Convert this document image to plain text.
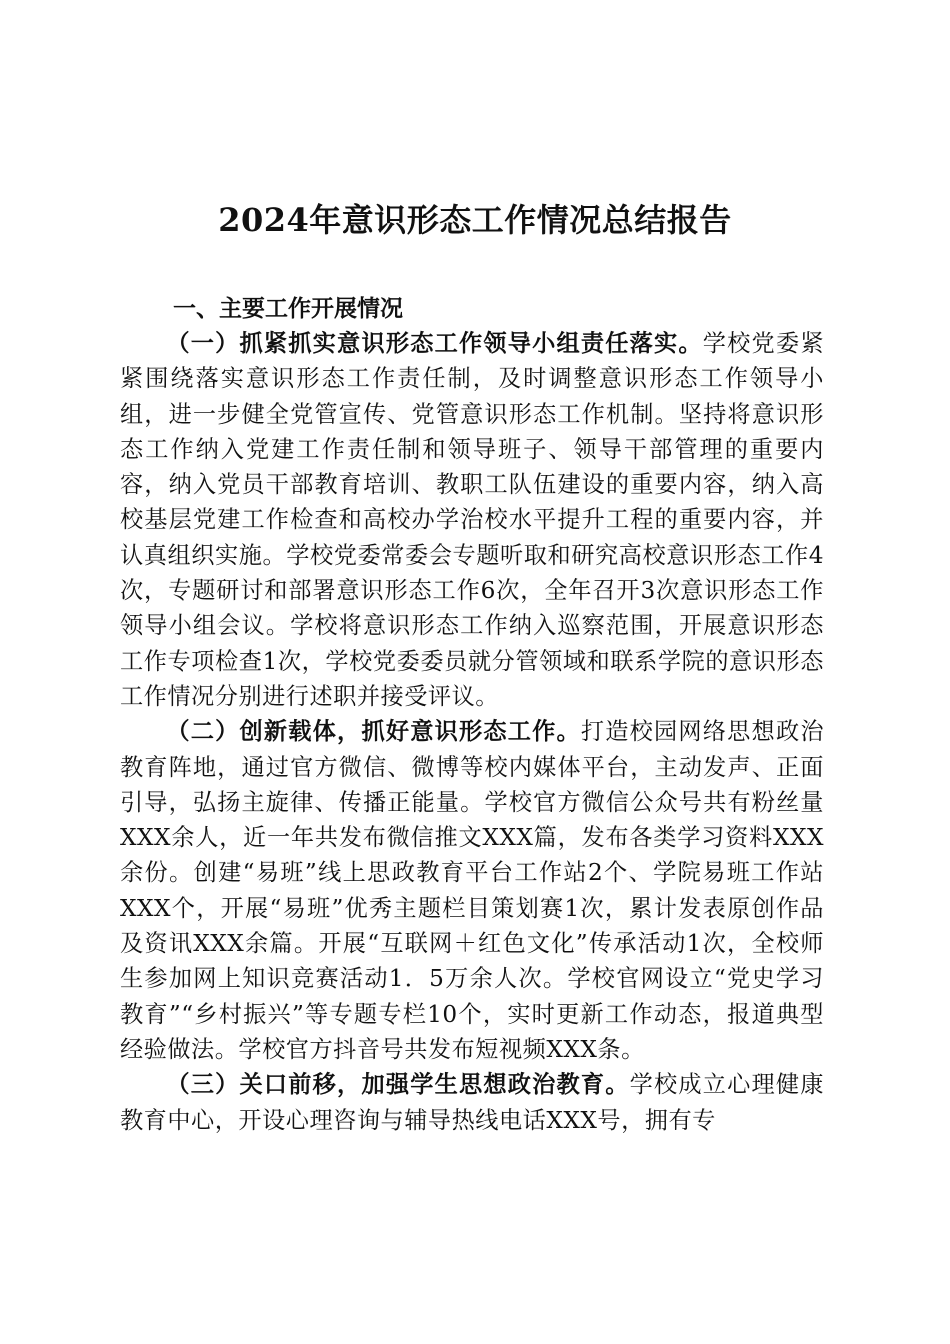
2024年意识形态工作情况总结报告
一、主要工作开展情况

（一）抓紧抓实意识形态工作领导小组责任落实。学校党委紧紧围绕落实意识形态工作责任制，及时调整意识形态工作领导小组，进一步健全党管宣传、党管意识形态工作机制。坚持将意识形态工作纳入党建工作责任制和领导班子、领导干部管理的重要内容，纳入党员干部教育培训、教职工队伍建设的重要内容，纳入高校基层党建工作检查和高校办学治校水平提升工程的重要内容，并认真组织实施。学校党委常委会专题听取和研究高校意识形态工作4次，专题研讨和部署意识形态工作6次，全年召开3次意识形态工作领导小组会议。学校将意识形态工作纳入巡察范围，开展意识形态工作专项检查1次，学校党委委员就分管领域和联系学院的意识形态工作情况分别进行述职并接受评议。

（二）创新载体，抓好意识形态工作。打造校园网络思想政治教育阵地，通过官方微信、微博等校内媒体平台，主动发声、正面引导，弘扬主旋律、传播正能量。学校官方微信公众号共有粉丝量XXX余人，近一年共发布微信推文XXX篇，发布各类学习资料XXX余份。创建“易班”线上思政教育平台工作站2个、学院易班工作站XXX个，开展“易班”优秀主题栏目策划赛1次，累计发表原创作品及资讯XXX余篇。开展“互联网＋红色文化”传承活动1次，全校师生参加网上知识竞赛活动1．5万余人次。学校官网设立“党史学习教育”“乡村振兴”等专题专栏10个，实时更新工作动态，报道典型经验做法。学校官方抖音号共发布短视频XXX条。

（三）关口前移，加强学生思想政治教育。学校成立心理健康教育中心，开设心理咨询与辅导热线电话XXX号，拥有专
